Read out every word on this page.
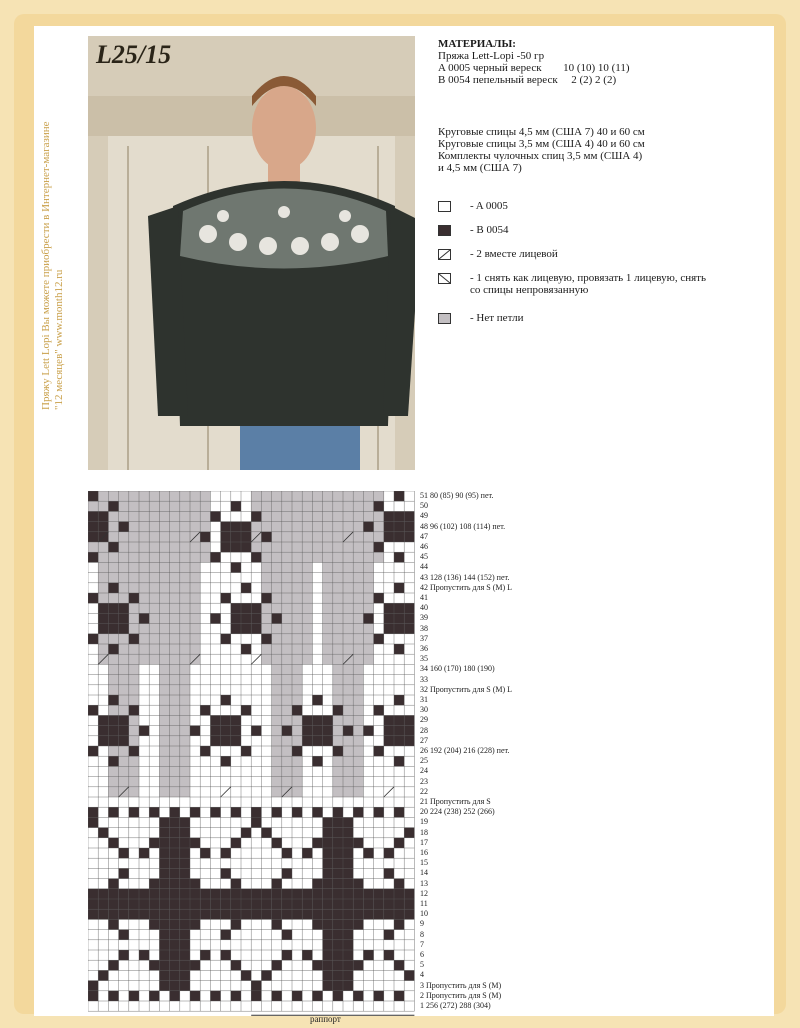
Пряжу Lett Lopi Вы можете приобрести в Интернет-магазине "12 месяцев" www.month12.ru
L25/15	МАТЕРИАЛЫ:
Пряжа Lett-Lopi -50 гр
A 0005 черный вереск 10 (10) 10 (11)
B 0054 пепельный вереск 2 (2) 2 (2)
Круговые спицы 4,5 мм (США 7) 40 и 60 см
Круговые спицы 3,5 мм (США 4) 40 и 60 см
Комплекты чулочных спиц 3,5 мм (США 4)
и 4,5 мм (США 7)
- A 0005
- B 0054
- 2 вместе лицевой
- 1 снять как лицевую, провязать 1 лицевую, снять со спицы непровязанную
- Нет петли
51 80 (85) 90 (95) пет.
50
49
48 96 (102) 108 (114) пет.
47
46
45
44
43 128 (136) 144 (152) пет.
42 Пропустить для S (M) L
41
40
39
38
37
36
35
34 160 (170) 180 (190)
33
32 Пропустить для S (M) L
31
30
29
28
27
26 192 (204) 216 (228) пет.
25
24
23
22
21 Пропустить для S
20 224 (238) 252 (266)
19
18
17
16
15
14
13
12
11
10
9
8
7
6
5
4
3 Пропустить для S (M)
2 Пропустить для S (M)
1 256 (272) 288 (304)
раппорт
